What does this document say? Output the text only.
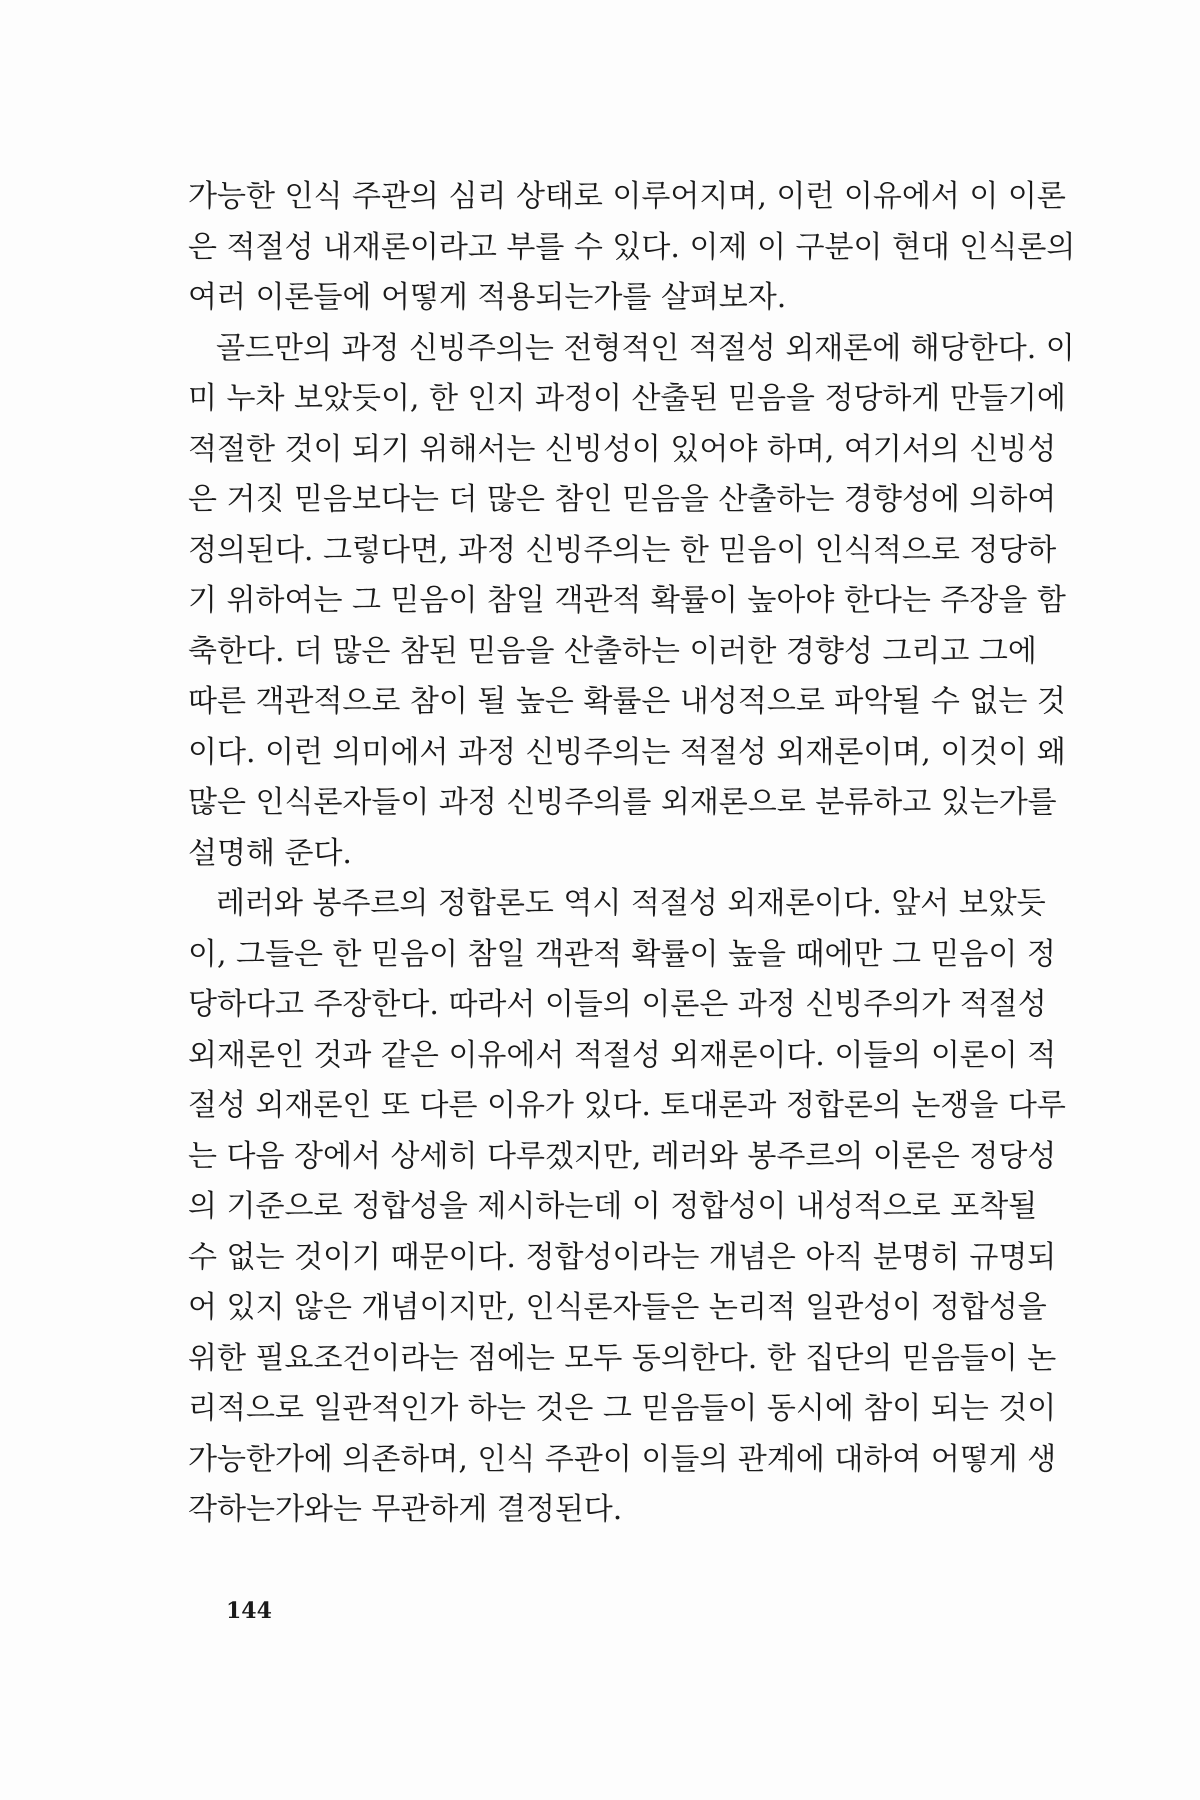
가능한 인식 주관의 심리 상태로 이루어지며, 이런 이유에서 이 이론
은 적절성 내재론이라고 부를 수 있다. 이제 이 구분이 현대 인식론의
여러 이론들에 어떻게 적용되는가를 살펴보자.
골드만의 과정 신빙주의는 전형적인 적절성 외재론에 해당한다. 이
미 누차 보았듯이, 한 인지 과정이 산출된 믿음을 정당하게 만들기에
적절한 것이 되기 위해서는 신빙성이 있어야 하며, 여기서의 신빙성
은 거짓 믿음보다는 더 많은 참인 믿음을 산출하는 경향성에 의하여
정의된다. 그렇다면, 과정 신빙주의는 한 믿음이 인식적으로 정당하
기 위하여는 그 믿음이 참일 객관적 확률이 높아야 한다는 주장을 함
축한다. 더 많은 참된 믿음을 산출하는 이러한 경향성 그리고 그에
따른 객관적으로 참이 될 높은 확률은 내성적으로 파악될 수 없는 것
이다. 이런 의미에서 과정 신빙주의는 적절성 외재론이며, 이것이 왜
많은 인식론자들이 과정 신빙주의를 외재론으로 분류하고 있는가를
설명해 준다.
레러와 봉주르의 정합론도 역시 적절성 외재론이다. 앞서 보았듯
이, 그들은 한 믿음이 참일 객관적 확률이 높을 때에만 그 믿음이 정
당하다고 주장한다. 따라서 이들의 이론은 과정 신빙주의가 적절성
외재론인 것과 같은 이유에서 적절성 외재론이다. 이들의 이론이 적
절성 외재론인 또 다른 이유가 있다. 토대론과 정합론의 논쟁을 다루
는 다음 장에서 상세히 다루겠지만, 레러와 봉주르의 이론은 정당성
의 기준으로 정합성을 제시하는데 이 정합성이 내성적으로 포착될
수 없는 것이기 때문이다. 정합성이라는 개념은 아직 분명히 규명되
어 있지 않은 개념이지만, 인식론자들은 논리적 일관성이 정합성을
위한 필요조건이라는 점에는 모두 동의한다. 한 집단의 믿음들이 논
리적으로 일관적인가 하는 것은 그 믿음들이 동시에 참이 되는 것이
가능한가에 의존하며, 인식 주관이 이들의 관계에 대하여 어떻게 생
각하는가와는 무관하게 결정된다.
144
